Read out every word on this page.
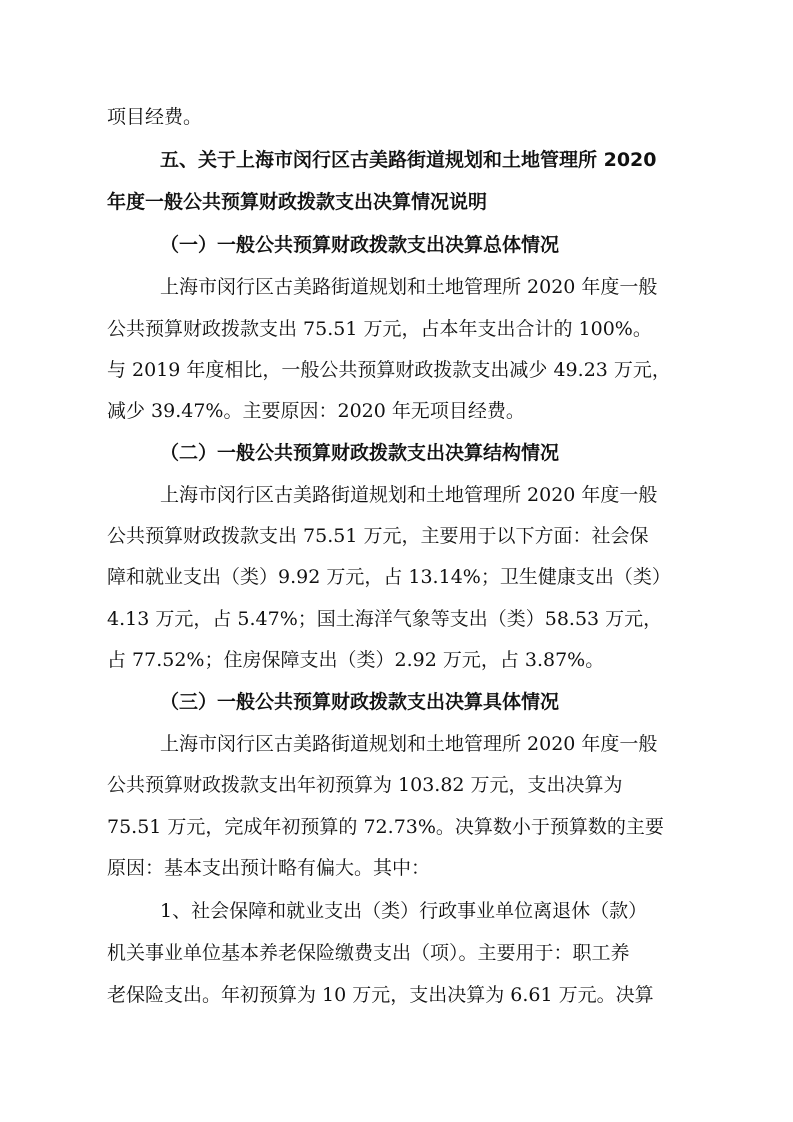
项目经费。

五、关于上海市闵行区古美路街道规划和土地管理所 2020

年度一般公共预算财政拨款支出决算情况说明

（一）一般公共预算财政拨款支出决算总体情况

上海市闵行区古美路街道规划和土地管理所 2020 年度一般

公共预算财政拨款支出 75.51 万元，占本年支出合计的 100%。

与 2019 年度相比，一般公共预算财政拨款支出减少 49.23 万元，

减少 39.47%。主要原因：2020 年无项目经费。

（二）一般公共预算财政拨款支出决算结构情况

上海市闵行区古美路街道规划和土地管理所 2020 年度一般

公共预算财政拨款支出 75.51 万元，主要用于以下方面：社会保

障和就业支出（类）9.92 万元，占 13.14%；卫生健康支出（类）

4.13 万元，占 5.47%；国土海洋气象等支出（类）58.53 万元，

占 77.52%；住房保障支出（类）2.92 万元，占 3.87%。

（三）一般公共预算财政拨款支出决算具体情况

上海市闵行区古美路街道规划和土地管理所 2020 年度一般

公共预算财政拨款支出年初预算为 103.82 万元，支出决算为

75.51 万元，完成年初预算的 72.73%。决算数小于预算数的主要

原因：基本支出预计略有偏大。其中：

1、社会保障和就业支出（类）行政事业单位离退休（款）

机关事业单位基本养老保险缴费支出（项）。主要用于：职工养

老保险支出。年初预算为 10 万元，支出决算为 6.61 万元。决算
